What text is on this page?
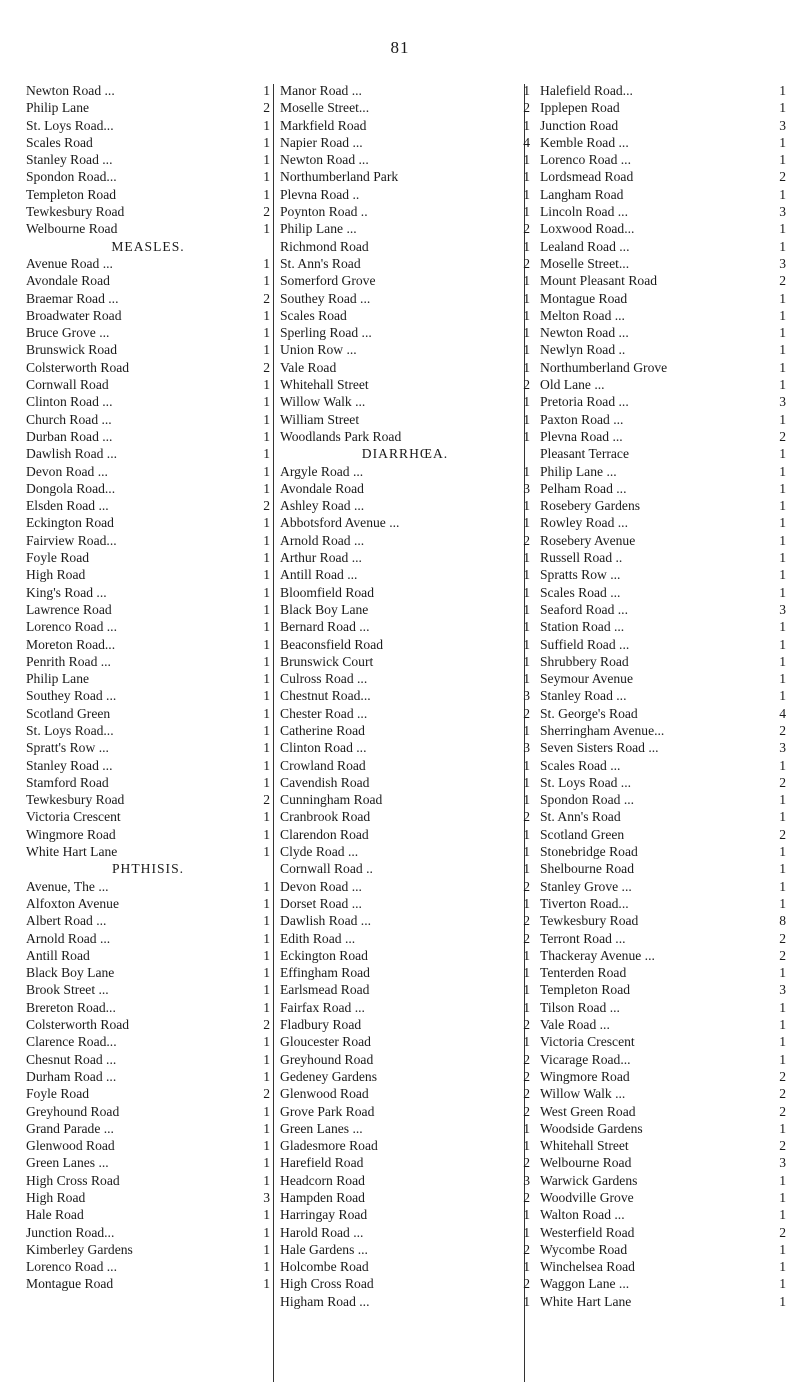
81
Newton Road ...	1
Philip Lane	2
St. Loys Road...	1
Scales Road	1
Stanley Road ...	1
Spondon Road...	1
Templeton Road	1
Tewkesbury Road	2
Welbourne Road	1
MEASLES.
Avenue Road ...	1
Avondale Road	1
Braemar Road ...	2
Broadwater Road	1
Bruce Grove ...	1
Brunswick Road	1
Colsterworth Road	2
Cornwall Road	1
Clinton Road ...	1
Church Road ...	1
Durban Road ...	1
Dawlish Road ...	1
Devon Road ...	1
Dongola Road...	1
Elsden Road ...	2
Eckington Road	1
Fairview Road...	1
Foyle Road	1
High Road	1
King's Road ...	1
Lawrence Road	1
Lorenco Road ...	1
Moreton Road...	1
Penrith Road ...	1
Philip Lane	1
Southey Road ...	1
Scotland Green	1
St. Loys Road...	1
Spratt's Row ...	1
Stanley Road ...	1
Stamford Road	1
Tewkesbury Road	2
Victoria Crescent	1
Wingmore Road	1
White Hart Lane	1
PHTHISIS.
Avenue, The ...	1
Alfoxton Avenue	1
Albert Road ...	1
Arnold Road ...	1
Antill Road	1
Black Boy Lane	1
Brook Street ...	1
Brereton Road...	1
Colsterworth Road	2
Clarence Road...	1
Chesnut Road ...	1
Durham Road ...	1
Foyle Road	2
Greyhound Road	1
Grand Parade ...	1
Glenwood Road	1
Green Lanes ...	1
High Cross Road	1
High Road	3
Hale Road	1
Junction Road...	1
Kimberley Gardens	1
Lorenco Road ...	1
Montague Road	1
Manor Road ...	1
Moselle Street...	2
Markfield Road	1
Napier Road ...	4
Newton Road ...	1
Northumberland Park	1
Plevna Road ..	1
Poynton Road ..	1
Philip Lane ...	2
Richmond Road	1
St. Ann's Road	2
Somerford Grove	1
Southey Road ...	1
Scales Road	1
Sperling Road ...	1
Union Row ...	1
Vale Road	1
Whitehall Street	2
Willow Walk ...	1
William Street	1
Woodlands Park Road	1
DIARRHŒA.
Argyle Road ...	1
Avondale Road	3
Ashley Road ...	1
Abbotsford Avenue ...	1
Arnold Road ...	2
Arthur Road ...	1
Antill Road ...	1
Bloomfield Road	1
Black Boy Lane	1
Bernard Road ...	1
Beaconsfield Road	1
Brunswick Court	1
Culross Road ...	1
Chestnut Road...	3
Chester Road ...	2
Catherine Road	1
Clinton Road ...	3
Crowland Road	1
Cavendish Road	1
Cunningham Road	1
Cranbrook Road	2
Clarendon Road	1
Clyde Road ...	1
Cornwall Road ..	1
Devon Road ...	2
Dorset Road ...	1
Dawlish Road ...	2
Edith Road ...	2
Eckington Road	1
Effingham Road	1
Earlsmead Road	1
Fairfax Road ...	1
Fladbury Road	2
Gloucester Road	1
Greyhound Road	2
Gedeney Gardens	2
Glenwood Road	2
Grove Park Road	2
Green Lanes ...	1
Gladesmore Road	1
Harefield Road	2
Headcorn Road	3
Hampden Road	2
Harringay Road	1
Harold Road ...	1
Hale Gardens ...	2
Holcombe Road	1
High Cross Road	2
Higham Road ...	1
Halefield Road...	1
Ipplepen Road	1
Junction Road	3
Kemble Road ...	1
Lorenco Road ...	1
Lordsmead Road	2
Langham Road	1
Lincoln Road ...	3
Loxwood Road...	1
Lealand Road ...	1
Moselle Street...	3
Mount Pleasant Road	2
Montague Road	1
Melton Road ...	1
Newton Road ...	1
Newlyn Road ..	1
Northumberland Grove	1
Old Lane ...	1
Pretoria Road ...	3
Paxton Road ...	1
Plevna Road ...	2
Pleasant Terrace	1
Philip Lane ...	1
Pelham Road ...	1
Rosebery Gardens	1
Rowley Road ...	1
Rosebery Avenue	1
Russell Road ..	1
Spratts Row ...	1
Scales Road ...	1
Seaford Road ...	3
Station Road ...	1
Suffield Road ...	1
Shrubbery Road	1
Seymour Avenue	1
Stanley Road ...	1
St. George's Road	4
Sherringham Avenue...	2
Seven Sisters Road ...	3
Scales Road ...	1
St. Loys Road ...	2
Spondon Road ...	1
St. Ann's Road	1
Scotland Green	2
Stonebridge Road	1
Shelbourne Road	1
Stanley Grove ...	1
Tiverton Road...	1
Tewkesbury Road	8
Terront Road ...	2
Thackeray Avenue ...	2
Tenterden Road	1
Templeton Road	3
Tilson Road ...	1
Vale Road ...	1
Victoria Crescent	1
Vicarage Road...	1
Wingmore Road	2
Willow Walk ...	2
West Green Road	2
Woodside Gardens	1
Whitehall Street	2
Welbourne Road	3
Warwick Gardens	1
Woodville Grove	1
Walton Road ...	1
Westerfield Road	2
Wycombe Road	1
Winchelsea Road	1
Waggon Lane ...	1
White Hart Lane	1
